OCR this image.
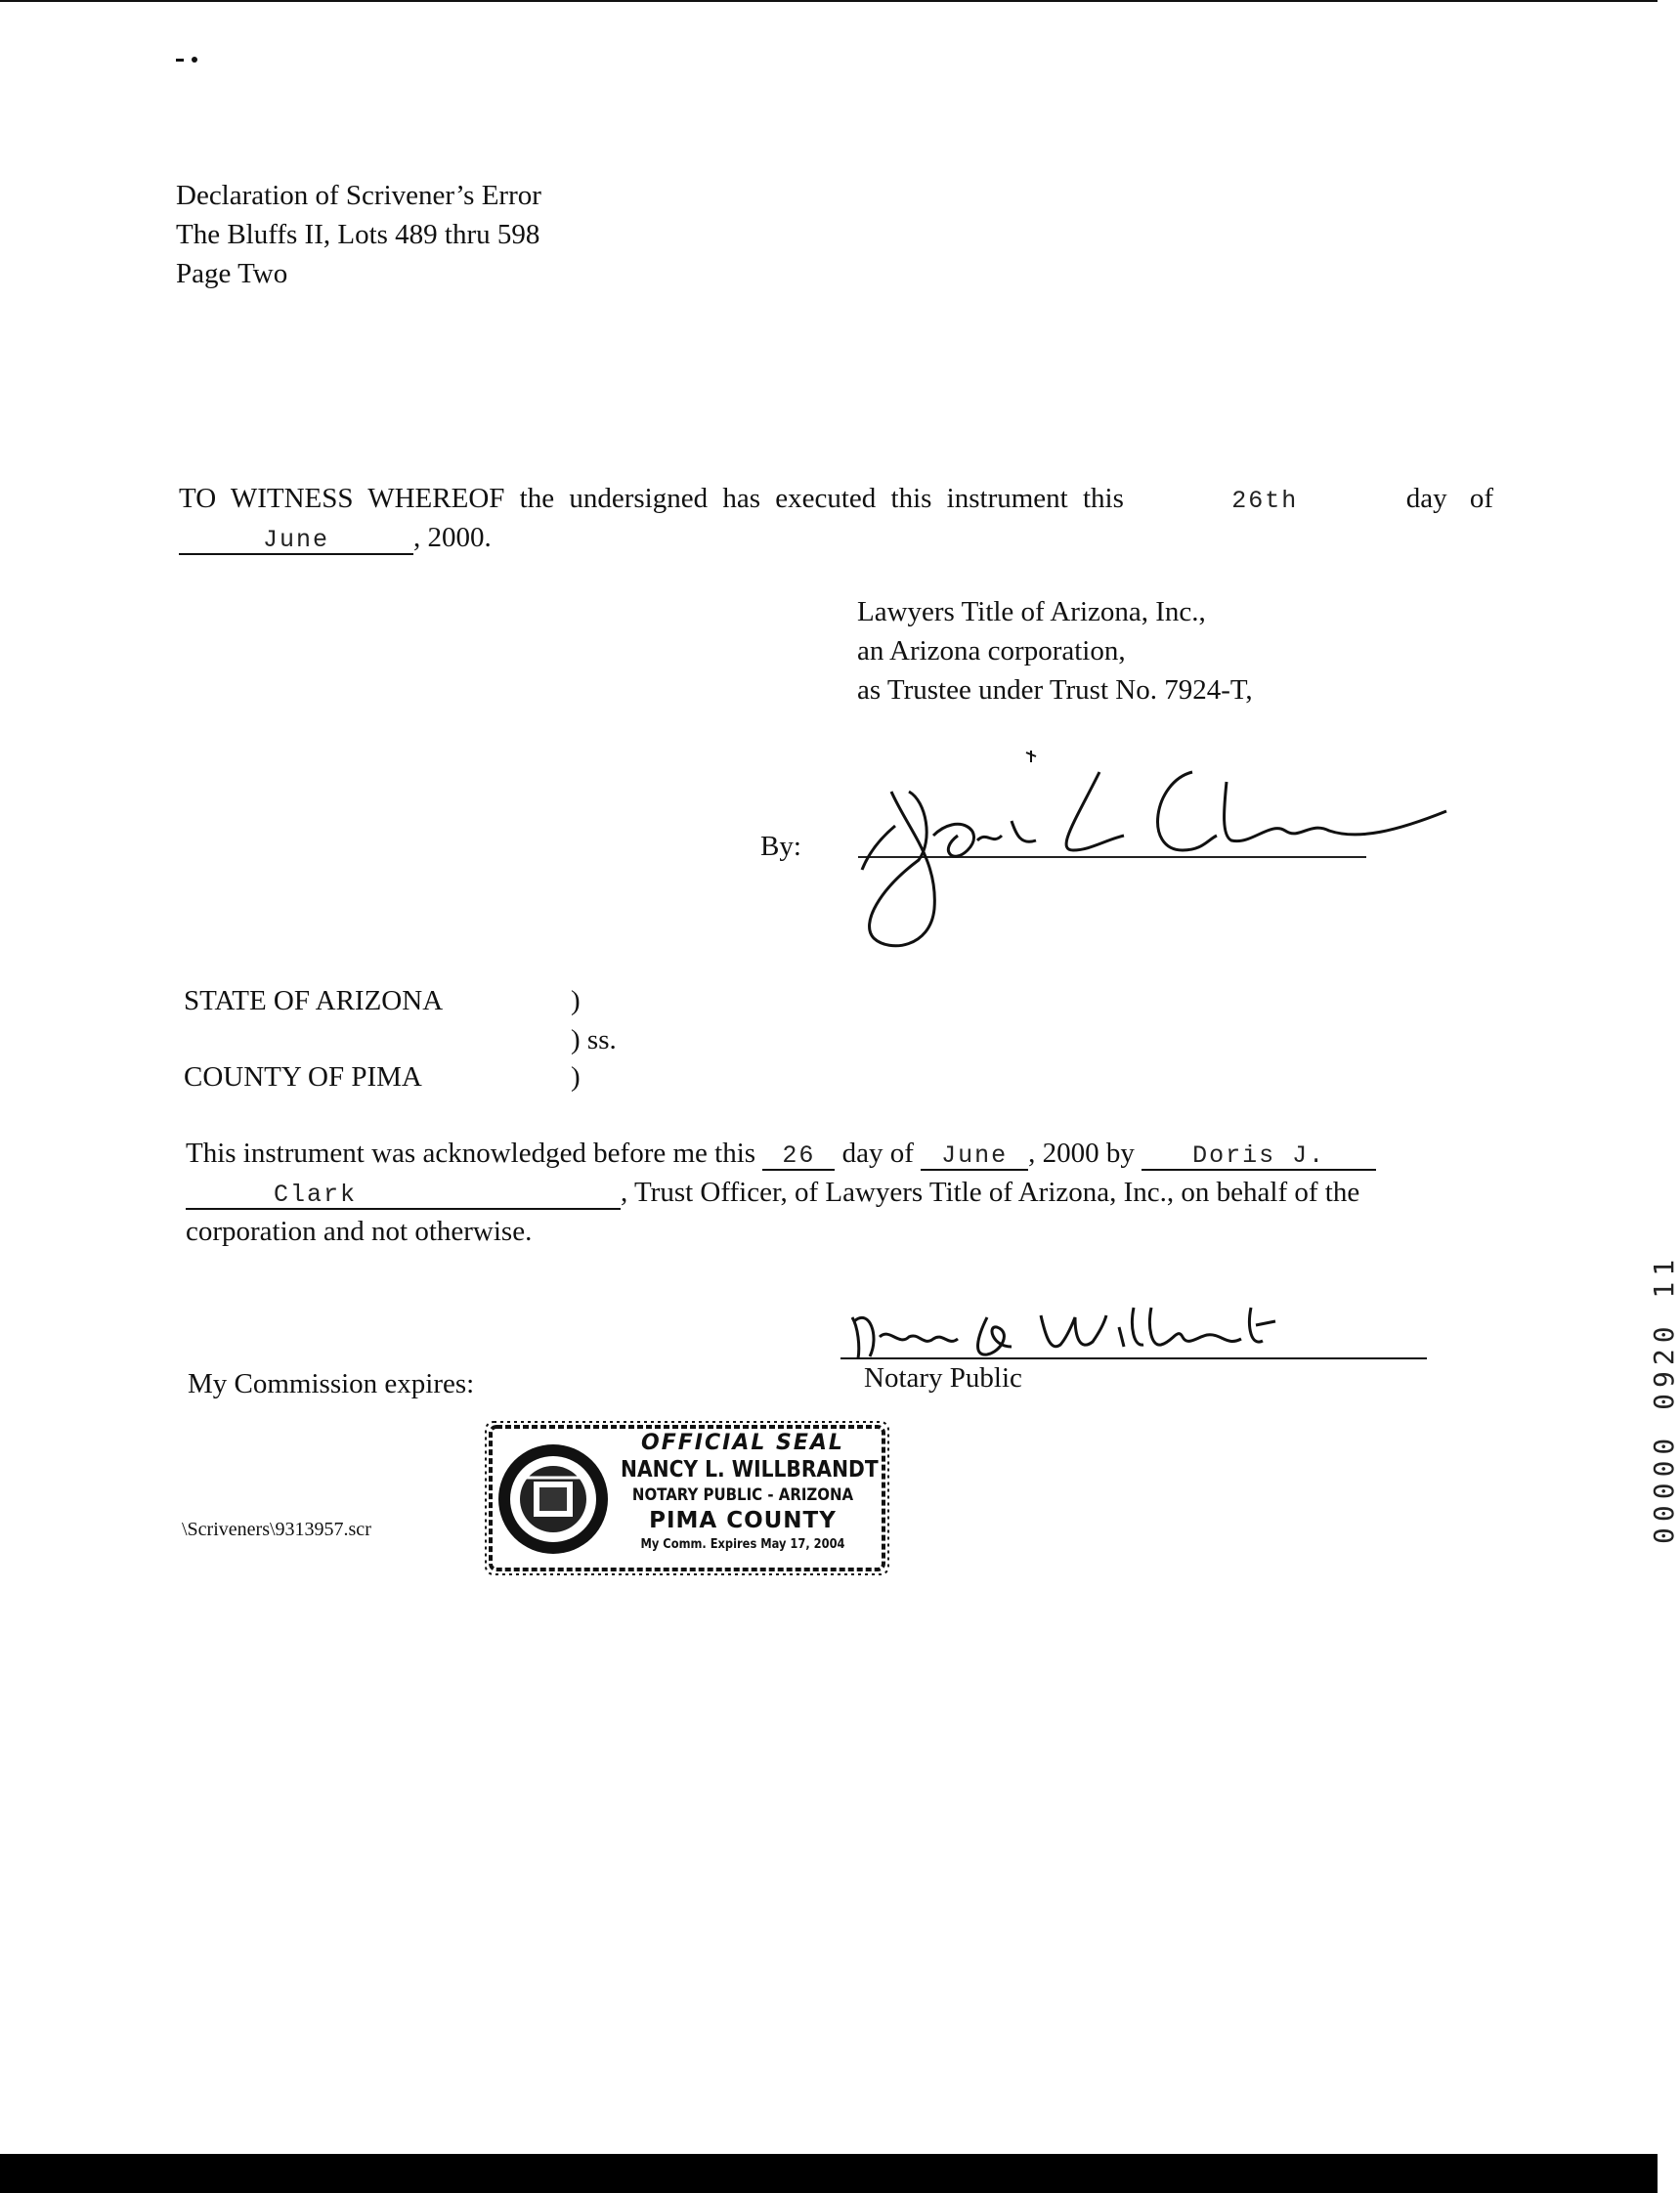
Declaration of Scrivener’s Error
The Bluffs II, Lots 489 thru 598
Page Two
TO WITNESS WHEREOF the undersigned has executed this instrument this	26th	day of
June	, 2000.
Lawyers Title of Arizona, Inc.,
an Arizona corporation,
as Trustee under Trust No. 7924-T,
By:
STATE OF ARIZONA	)
) ss.
COUNTY OF PIMA	)
This instrument was acknowledged before me this 26 day of June , 2000 by Doris J.
Clark	, Trust Officer, of Lawyers Title of Arizona, Inc., on behalf of the
corporation and not otherwise.
My Commission expires:	Notary Public
OFFICIAL SEAL
NANCY L. WILLBRANDT
NOTARY PUBLIC - ARIZONA
PIMA COUNTY
My Comm. Expires May 17, 2004
\Scriveners\9313957.scr	00000 0920 11
